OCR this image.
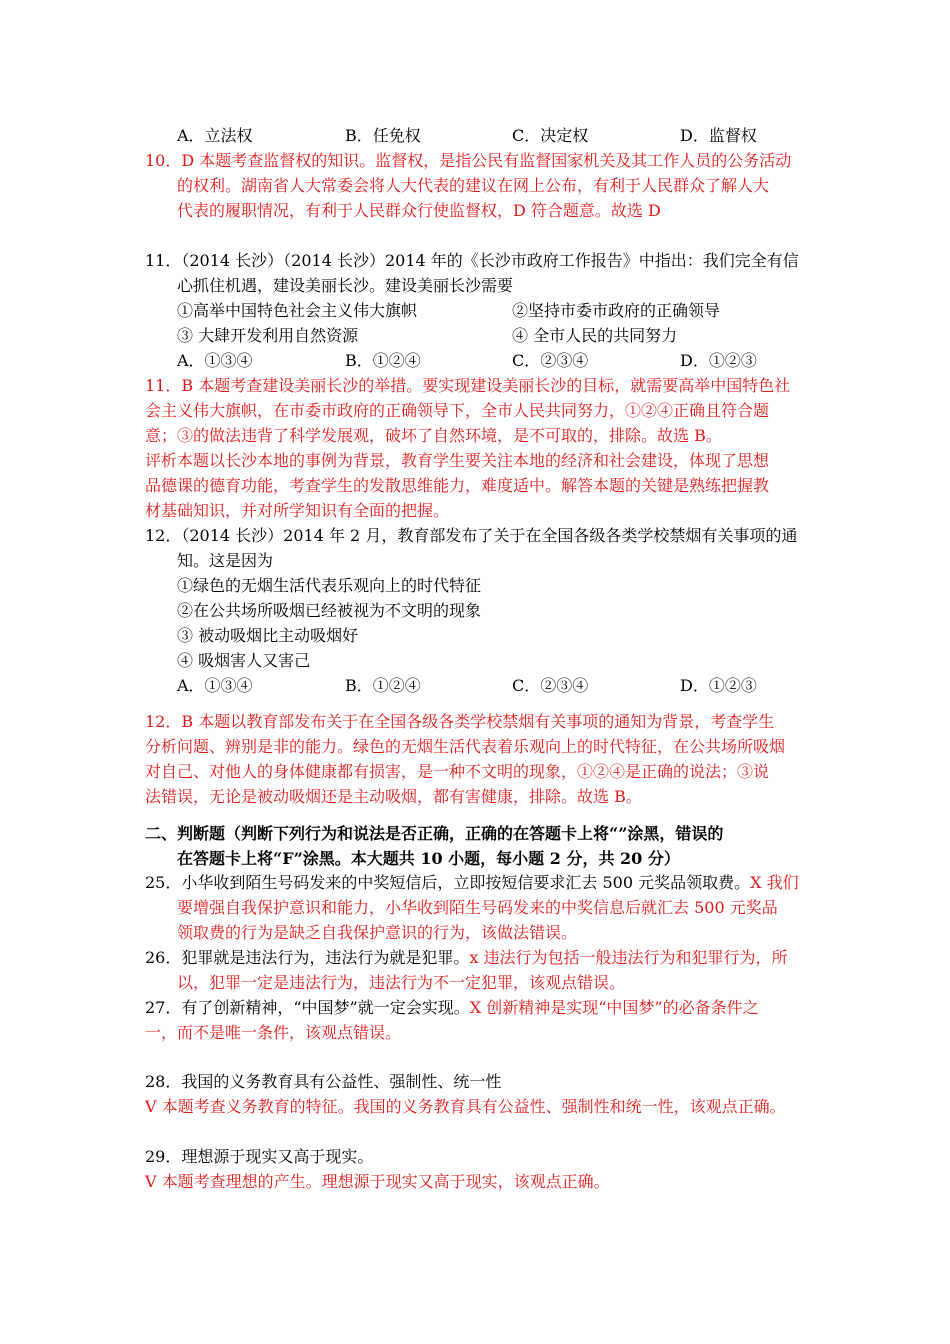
A．立法权	B．任免权	C．决定权	D．监督权
10．D 本题考查监督权的知识。监督权，是指公民有监督国家机关及其工作人员的公务活动
的权利。湖南省人大常委会将人大代表的建议在网上公布，有利于人民群众了解人大
代表的履职情况，有利于人民群众行使监督权，D 符合题意。故选 D
11．（2014 长沙）（2014 长沙）2014 年的《长沙市政府工作报告》中指出：我们完全有信
心抓住机遇，建设美丽长沙。建设美丽长沙需要
①高举中国特色社会主义伟大旗帜	②坚持市委市政府的正确领导
③ 大肆开发利用自然资源	④ 全市人民的共同努力
A．①③④	B．①②④	C．②③④	D．①②③
11．B 本题考查建设美丽长沙的举措。要实现建设美丽长沙的目标，就需要高举中国特色社
会主义伟大旗帜，在市委市政府的正确领导下，全市人民共同努力，①②④正确且符合题
意；③的做法违背了科学发展观，破坏了自然环境，是不可取的，排除。故选 B。
评析本题以长沙本地的事例为背景，教育学生要关注本地的经济和社会建设，体现了思想
品德课的德育功能，考查学生的发散思维能力，难度适中。解答本题的关键是熟练把握教
材基础知识，并对所学知识有全面的把握。
12．（2014 长沙）2014 年 2 月，教育部发布了关于在全国各级各类学校禁烟有关事项的通
知。这是因为
①绿色的无烟生活代表乐观向上的时代特征
②在公共场所吸烟已经被视为不文明的现象
③ 被动吸烟比主动吸烟好
④ 吸烟害人又害己
A．①③④	B．①②④	C．②③④	D．①②③
12．B 本题以教育部发布关于在全国各级各类学校禁烟有关事项的通知为背景，考查学生
分析问题、辨别是非的能力。绿色的无烟生活代表着乐观向上的时代特征，在公共场所吸烟
对自己、对他人的身体健康都有损害，是一种不文明的现象，①②④是正确的说法；③说
法错误，无论是被动吸烟还是主动吸烟，都有害健康，排除。故选 B。
二、判断题（判断下列行为和说法是否正确，正确的在答题卡上将“”涂黑，错误的
在答题卡上将“F”涂黑。本大题共 10 小题，每小题 2 分，共 20 分）
25．小华收到陌生号码发来的中奖短信后，立即按短信要求汇去 500 元奖品领取费。X 我们
要增强自我保护意识和能力，小华收到陌生号码发来的中奖信息后就汇去 500 元奖品
领取费的行为是缺乏自我保护意识的行为，该做法错误。
26．犯罪就是违法行为，违法行为就是犯罪。x 违法行为包括一般违法行为和犯罪行为，所
以，犯罪一定是违法行为，违法行为不一定犯罪，该观点错误。
27．有了创新精神，“中国梦”就一定会实现。X 创新精神是实现“中国梦”的必备条件之
一，而不是唯一条件，该观点错误。
28．我国的义务教育具有公益性、强制性、统一性
V 本题考查义务教育的特征。我国的义务教育具有公益性、强制性和统一性，该观点正确。
29．理想源于现实又高于现实。
V 本题考查理想的产生。理想源于现实又高于现实，该观点正确。
